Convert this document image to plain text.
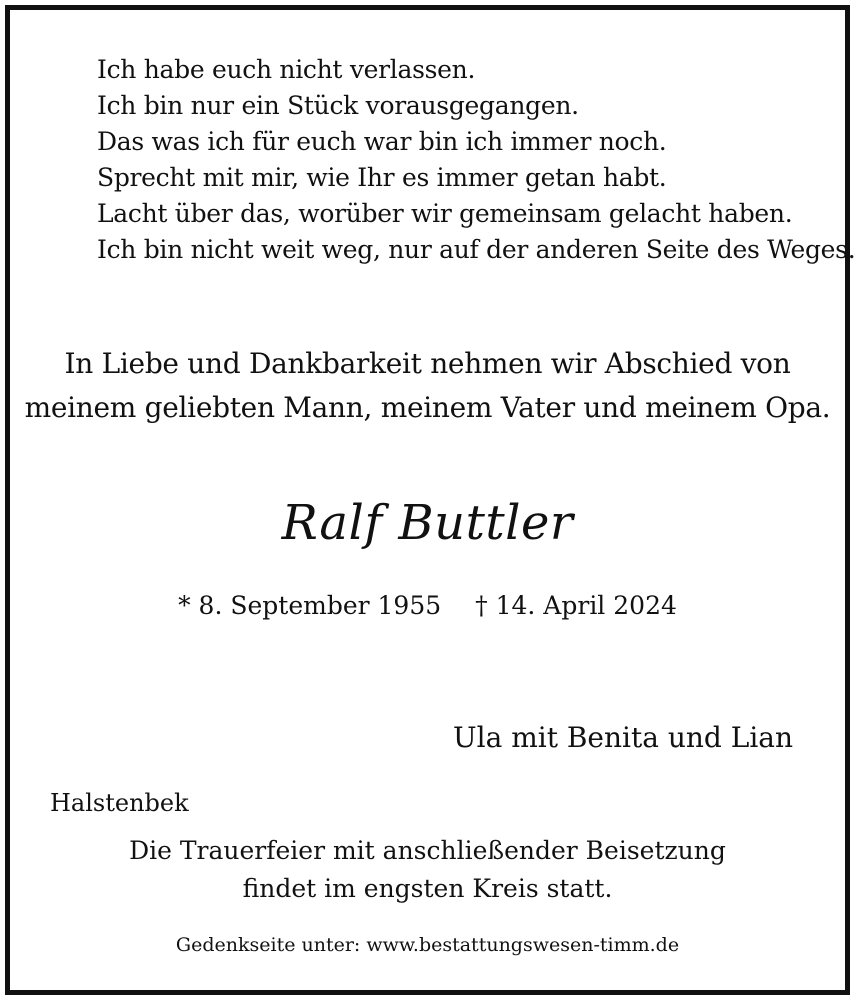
Ich habe euch nicht verlassen.
Ich bin nur ein Stück vorausgegangen.
Das was ich für euch war bin ich immer noch.
Sprecht mit mir, wie Ihr es immer getan habt.
Lacht über das, worüber wir gemeinsam gelacht haben.
Ich bin nicht weit weg, nur auf der anderen Seite des Weges.
In Liebe und Dankbarkeit nehmen wir Abschied von
meinem geliebten Mann, meinem Vater und meinem Opa.
Ralf Buttler
* 8. September 1955 † 14. April 2024
Ula mit Benita und Lian
Halstenbek
Die Trauerfeier mit anschließender Beisetzung
findet im engsten Kreis statt.
Gedenkseite unter: www.bestattungswesen-timm.de
